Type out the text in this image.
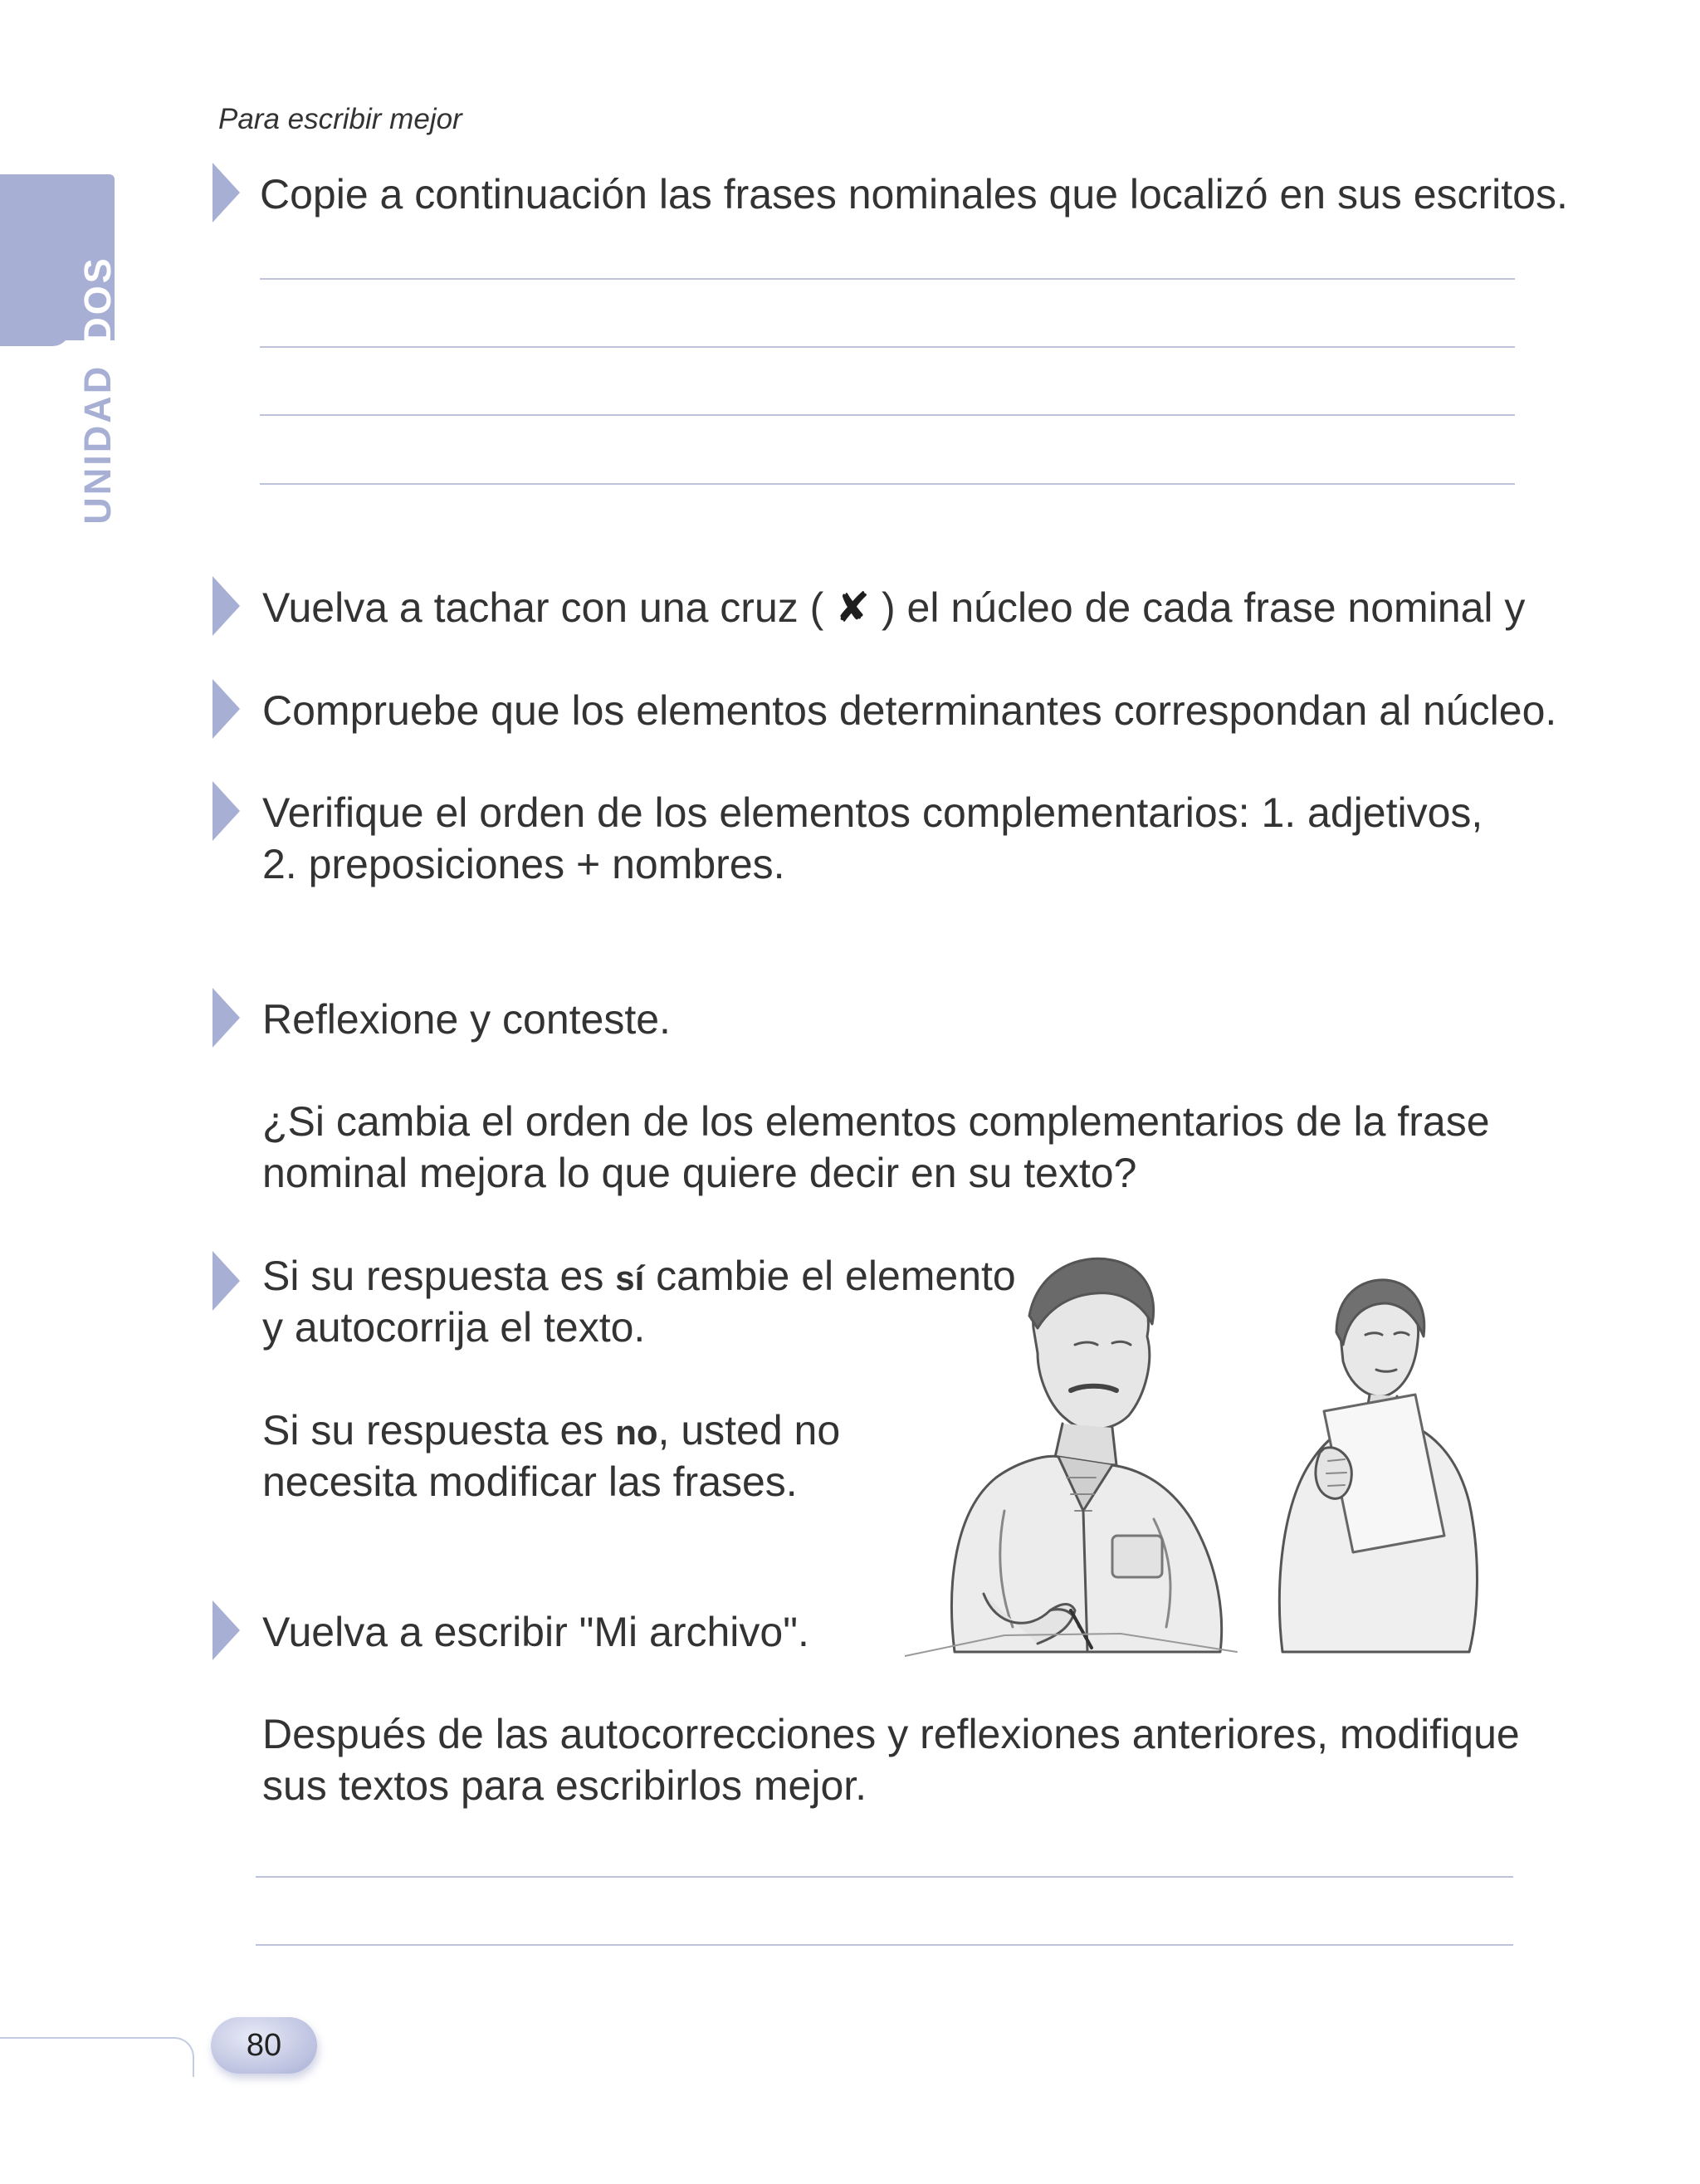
Para escribir mejor
UNIDADDOS
Copie a continuación las frases nominales que localizó en sus escritos.
Vuelva a tachar con una cruz ( ✘ ) el núcleo de cada frase nominal y
Compruebe que los elementos determinantes correspondan al núcleo.
Verifique el orden de los elementos complementarios: 1. adjetivos,
2. preposiciones + nombres.
Reflexione y conteste.
¿Si cambia el orden de los elementos complementarios de la frase
nominal mejora lo que quiere decir en su texto?
Si su respuesta es sí cambie el elemento
y autocorrija el texto.
Si su respuesta es no, usted no
necesita modificar las frases.
Vuelva a escribir "Mi archivo".
Después de las autocorrecciones y reflexiones anteriores, modifique
sus textos para escribirlos mejor.
80
